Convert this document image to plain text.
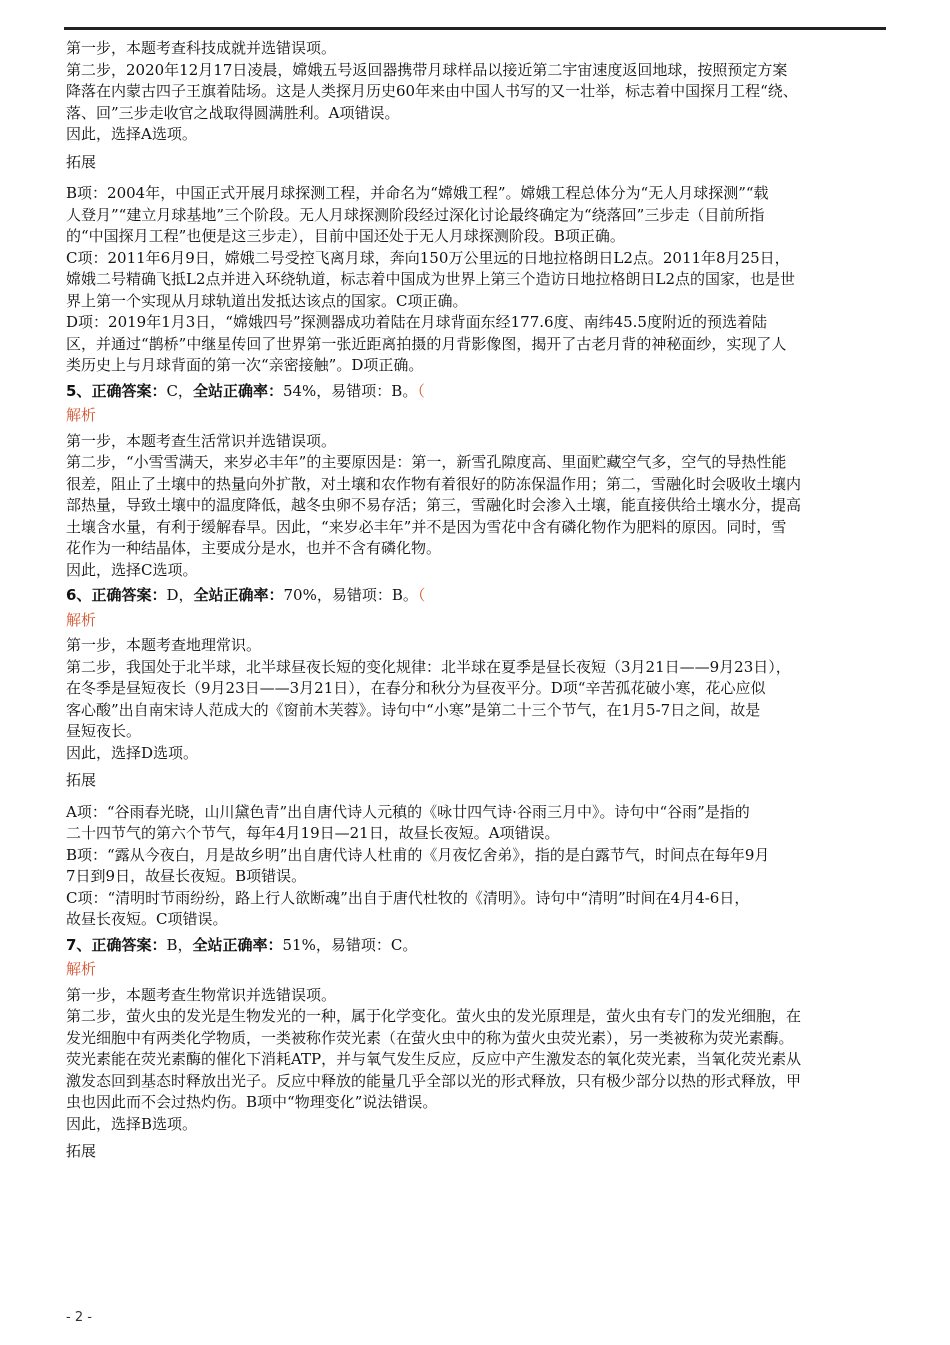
第一步，本题考查科技成就并选错误项。

第二步，2020年12月17日凌晨，嫦娥五号返回器携带月球样品以接近第二宇宙速度返回地球，按照预定方案

降落在内蒙古四子王旗着陆场。这是人类探月历史60年来由中国人书写的又一壮举，标志着中国探月工程“绕、

落、回”三步走收官之战取得圆满胜利。A项错误。

因此，选择A选项。

拓展

B项：2004年，中国正式开展月球探测工程，并命名为“嫦娥工程”。嫦娥工程总体分为“无人月球探测”“载

人登月”“建立月球基地”三个阶段。无人月球探测阶段经过深化讨论最终确定为“绕落回”三步走（目前所指

的“中国探月工程”也便是这三步走），目前中国还处于无人月球探测阶段。B项正确。

C项：2011年6月9日，嫦娥二号受控飞离月球，奔向150万公里远的日地拉格朗日L2点。2011年8月25日，

嫦娥二号精确飞抵L2点并进入环绕轨道，标志着中国成为世界上第三个造访日地拉格朗日L2点的国家，也是世

界上第一个实现从月球轨道出发抵达该点的国家。C项正确。

D项：2019年1月3日，“嫦娥四号”探测器成功着陆在月球背面东经177.6度、南纬45.5度附近的预选着陆

区，并通过“鹊桥”中继星传回了世界第一张近距离拍摄的月背影像图，揭开了古老月背的神秘面纱，实现了人

类历史上与月球背面的第一次“亲密接触”。D项正确。

5、正确答案：C，全站正确率：54%，易错项：B。（

解析

第一步，本题考查生活常识并选错误项。

第二步，“小雪雪满天，来岁必丰年”的主要原因是：第一，新雪孔隙度高、里面贮藏空气多，空气的导热性能

很差，阻止了土壤中的热量向外扩散，对土壤和农作物有着很好的防冻保温作用；第二，雪融化时会吸收土壤内

部热量，导致土壤中的温度降低，越冬虫卵不易存活；第三，雪融化时会渗入土壤，能直接供给土壤水分，提高

土壤含水量，有利于缓解春旱。因此，“来岁必丰年”并不是因为雪花中含有磷化物作为肥料的原因。同时，雪

花作为一种结晶体，主要成分是水，也并不含有磷化物。

因此，选择C选项。

6、正确答案：D，全站正确率：70%，易错项：B。（

解析

第一步，本题考查地理常识。

第二步，我国处于北半球，北半球昼夜长短的变化规律：北半球在夏季是昼长夜短（3月21日——9月23日），

在冬季是昼短夜长（9月23日——3月21日），在春分和秋分为昼夜平分。D项“辛苦孤花破小寒，花心应似

客心酸”出自南宋诗人范成大的《窗前木芙蓉》。诗句中“小寒”是第二十三个节气，在1月5-7日之间，故是

昼短夜长。

因此，选择D选项。

拓展

A项：“谷雨春光晓，山川黛色青”出自唐代诗人元稹的《咏廿四气诗·谷雨三月中》。诗句中“谷雨”是指的

二十四节气的第六个节气，每年4月19日—21日，故昼长夜短。A项错误。

B项：“露从今夜白，月是故乡明”出自唐代诗人杜甫的《月夜忆舍弟》，指的是白露节气，时间点在每年9月

7日到9日，故昼长夜短。B项错误。

C项：“清明时节雨纷纷，路上行人欲断魂”出自于唐代杜牧的《清明》。诗句中“清明”时间在4月4-6日，

故昼长夜短。C项错误。

7、正确答案：B，全站正确率：51%，易错项：C。

解析

第一步，本题考查生物常识并选错误项。

第二步，萤火虫的发光是生物发光的一种，属于化学变化。萤火虫的发光原理是，萤火虫有专门的发光细胞，在

发光细胞中有两类化学物质，一类被称作荧光素（在萤火虫中的称为萤火虫荧光素），另一类被称为荧光素酶。

荧光素能在荧光素酶的催化下消耗ATP，并与氧气发生反应，反应中产生激发态的氧化荧光素，当氧化荧光素从

激发态回到基态时释放出光子。反应中释放的能量几乎全部以光的形式释放，只有极少部分以热的形式释放，甲

虫也因此而不会过热灼伤。B项中“物理变化”说法错误。

因此，选择B选项。

拓展

- 2 -
